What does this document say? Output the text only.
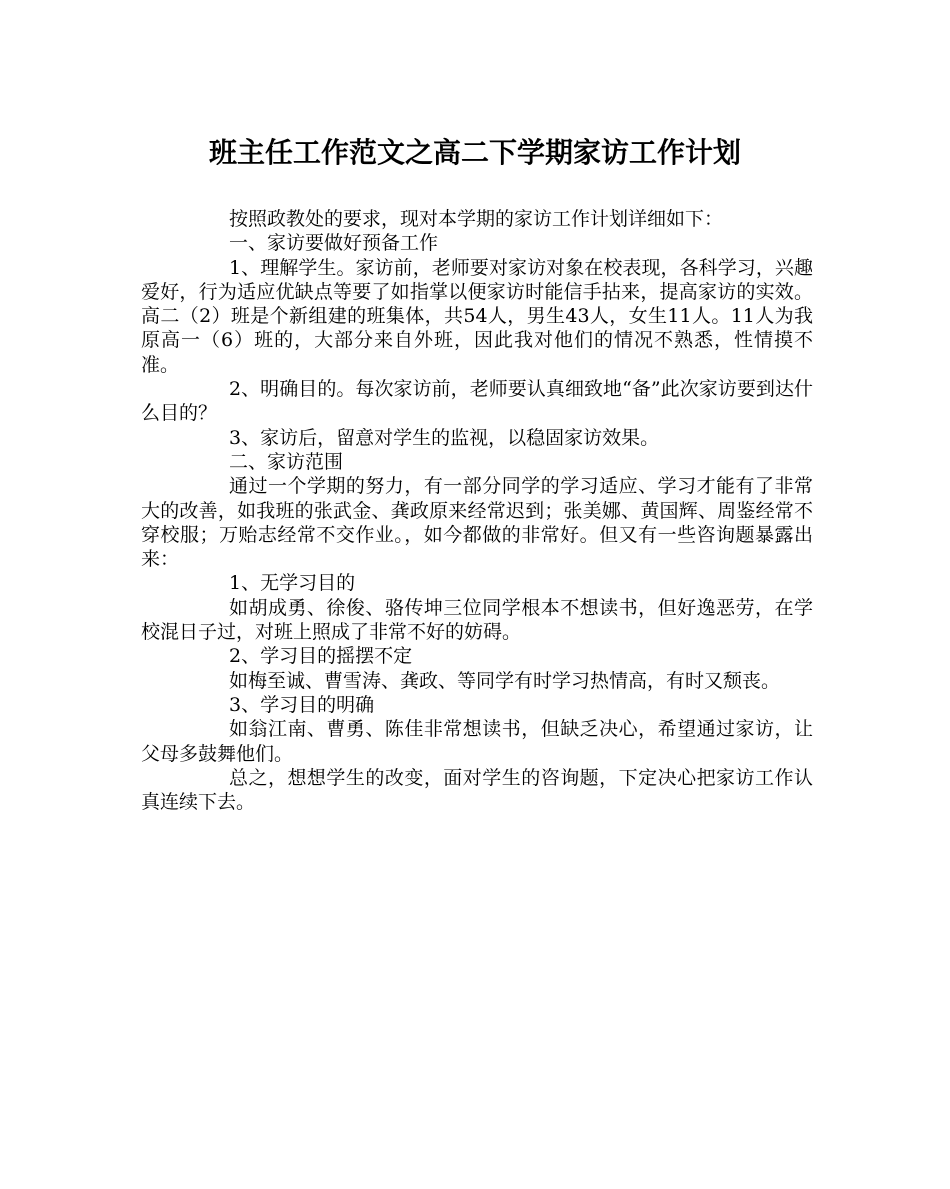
班主任工作范文之高二下学期家访工作计划

按照政教处的要求，现对本学期的家访工作计划详细如下：

一、家访要做好预备工作

1、理解学生。家访前，老师要对家访对象在校表现，各科学习，兴趣爱好，行为适应优缺点等要了如指掌以便家访时能信手拈来，提高家访的实效。高二（2）班是个新组建的班集体，共54人，男生43人，女生11人。11人为我原高一（6）班的，大部分来自外班，因此我对他们的情况不熟悉，性情摸不准。

2、明确目的。每次家访前，老师要认真细致地“备”此次家访要到达什么目的？

3、家访后，留意对学生的监视，以稳固家访效果。

二、家访范围

通过一个学期的努力，有一部分同学的学习适应、学习才能有了非常大的改善，如我班的张武金、龚政原来经常迟到；张美娜、黄国辉、周鉴经常不穿校服；万贻志经常不交作业。，如今都做的非常好。但又有一些咨询题暴露出来：

1、无学习目的

如胡成勇、徐俊、骆传坤三位同学根本不想读书，但好逸恶劳，在学校混日子过，对班上照成了非常不好的妨碍。

2、学习目的摇摆不定

如梅至诚、曹雪涛、龚政、等同学有时学习热情高，有时又颓丧。

3、学习目的明确

如翁江南、曹勇、陈佳非常想读书，但缺乏决心，希望通过家访，让父母多鼓舞他们。

总之，想想学生的改变，面对学生的咨询题，下定决心把家访工作认真连续下去。
